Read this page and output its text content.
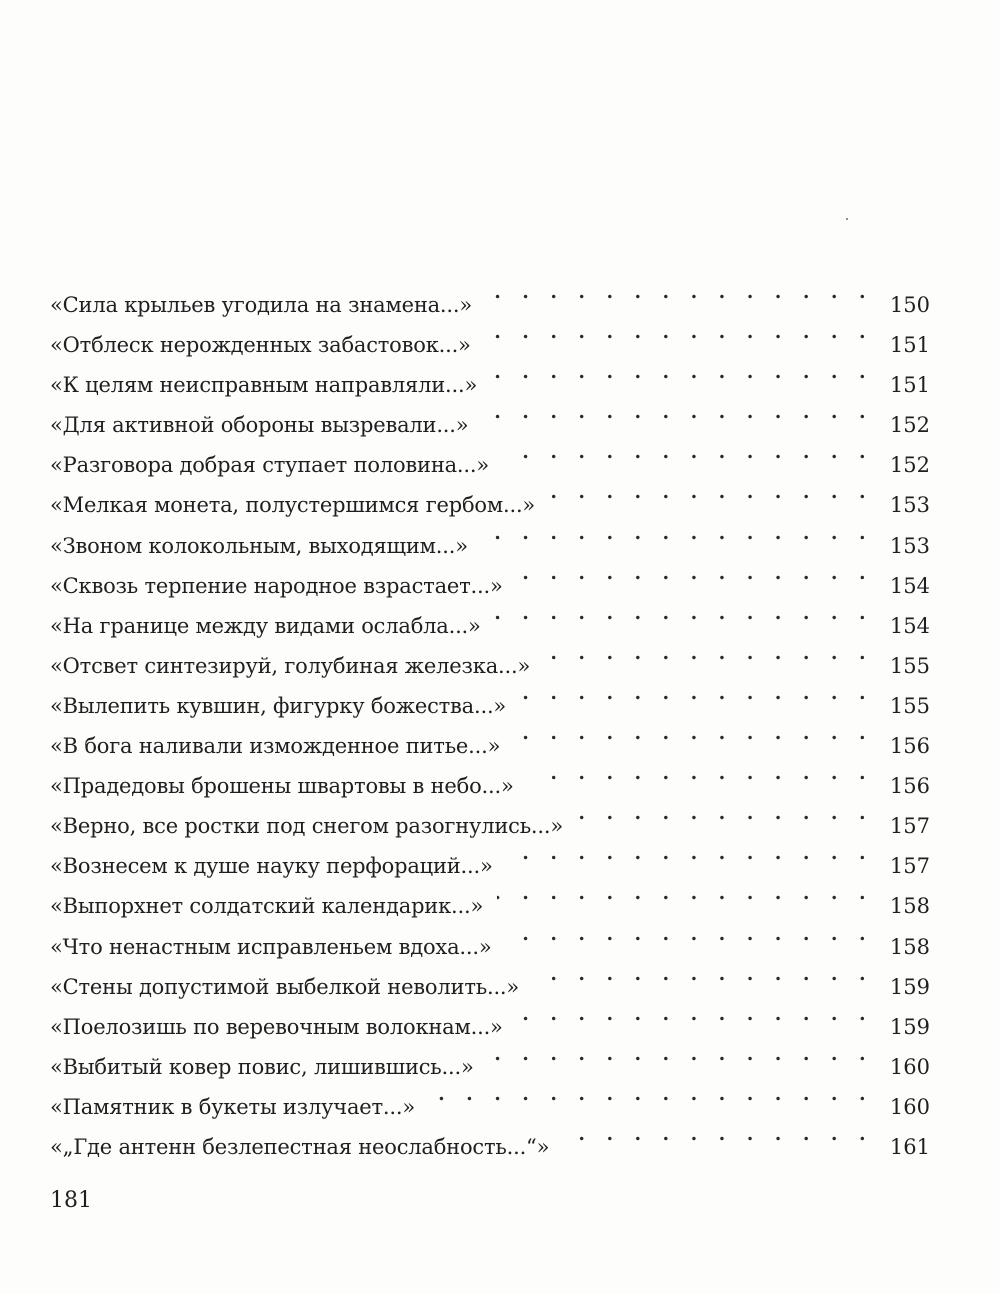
«Сила крыльев угодила на знамена...» . .	150
«Отблеск нерожденных забастовок...» . .	151
«К целям неисправным направляли...» . .	151
«Для активной обороны вызревали...» . .	152
«Разговора добрая ступает половина...» . .	152
«Мелкая монета, полустершимся гербом...» . .	153
«Звоном колокольным, выходящим...» . .	153
«Сквозь терпение народное взрастает...» . .	154
«На границе между видами ослабла...» . .	154
«Отсвет синтезируй, голубиная железка...» . .	155
«Вылепить кувшин, фигурку божества...» . .	155
«В бога наливали изможденное питье...» . .	156
«Прадедовы брошены швартовы в небо...» . .	156
«Верно, все ростки под снегом разогнулись...» . .	157
«Вознесем к душе науку перфораций...» . .	157
«Выпорхнет солдатский календарик...» . .	158
«Что ненастным исправленьем вдоха...» . .	158
«Стены допустимой выбелкой неволить...» . .	159
«Поелозишь по веревочным волокнам...» . .	159
«Выбитый ковер повис, лишившись...» . .	160
«Памятник в букеты излучает...» . .	160
«„Где антенн безлепестная неослабность...“» . .	161
181
